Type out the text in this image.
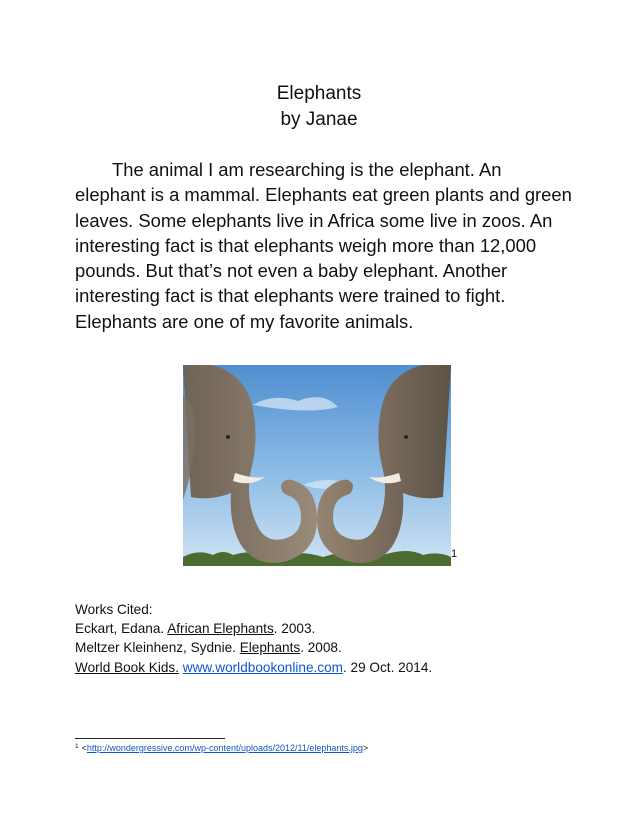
Elephants
by Janae

The animal I am researching is the elephant. An elephant is a mammal. Elephants eat green plants and green leaves. Some elephants live in Africa some live in zoos. An interesting fact is that elephants weigh more than 12,000 pounds. But that’s not even a baby elephant. Another interesting fact is that elephants were trained to fight. Elephants are one of my favorite animals.

1
Works Cited:
Eckart, Edana. African Elephants. 2003.
Meltzer Kleinhenz, Sydnie. Elephants. 2008.
World Book Kids. www.worldbookonline.com. 29 Oct. 2014.
$^1$ <http://wondergressive.com/wp-content/uploads/2012/11/elephants.jpg>
